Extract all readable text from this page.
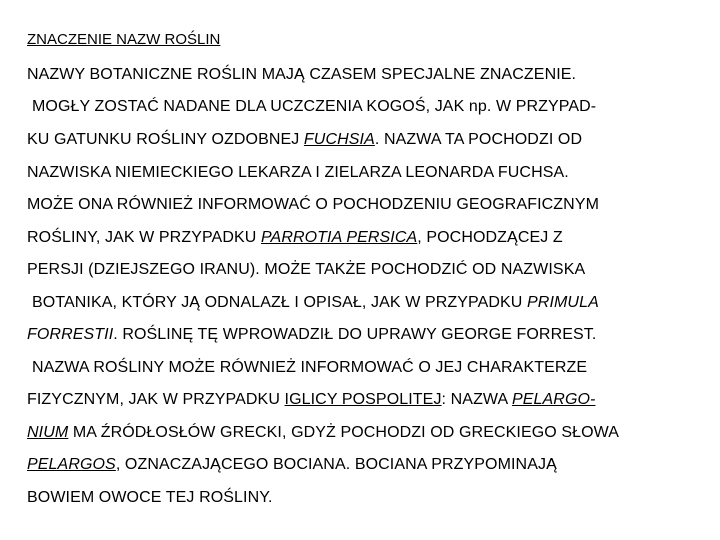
ZNACZENIE NAZW ROŚLIN
NAZWY BOTANICZNE ROŚLIN MAJĄ CZASEM SPECJALNE ZNACZENIE.
MOGŁY ZOSTAĆ NADANE DLA UCZCZENIA KOGOŚ, JAK np. W PRZYPAD-
KU GATUNKU ROŚLINY OZDOBNEJ FUCHSIA. NAZWA TA POCHODZI OD
NAZWISKA NIEMIECKIEGO LEKARZA I ZIELARZA LEONARDA FUCHSA.
MOŻE ONA RÓWNIEŻ INFORMOWAĆ O POCHODZENIU GEOGRAFICZNYM
ROŚLINY, JAK W PRZYPADKU PARROTIA PERSICA, POCHODZĄCEJ Z
PERSJI (DZIEJSZEGO IRANU). MOŻE TAKŻE POCHODZIĆ OD NAZWISKA
BOTANIKA, KTÓRY JĄ ODNALAZŁ I OPISAŁ, JAK W PRZYPADKU PRIMULA
FORRESTII. ROŚLINĘ TĘ WPROWADZIŁ DO UPRAWY GEORGE FORREST.
NAZWA ROŚLINY MOŻE RÓWNIEŻ INFORMOWAĆ O JEJ CHARAKTERZE
FIZYCZNYM, JAK W PRZYPADKU IGLICY POSPOLITEJ: NAZWA PELARGO-
NIUM MA ŹRÓDŁOSŁÓW GRECKI, GDYŻ POCHODZI OD GRECKIEGO SŁOWA
PELARGOS, OZNACZAJĄCEGO BOCIANA. BOCIANA PRZYPOMINAJĄ
BOWIEM OWOCE TEJ ROŚLINY.
